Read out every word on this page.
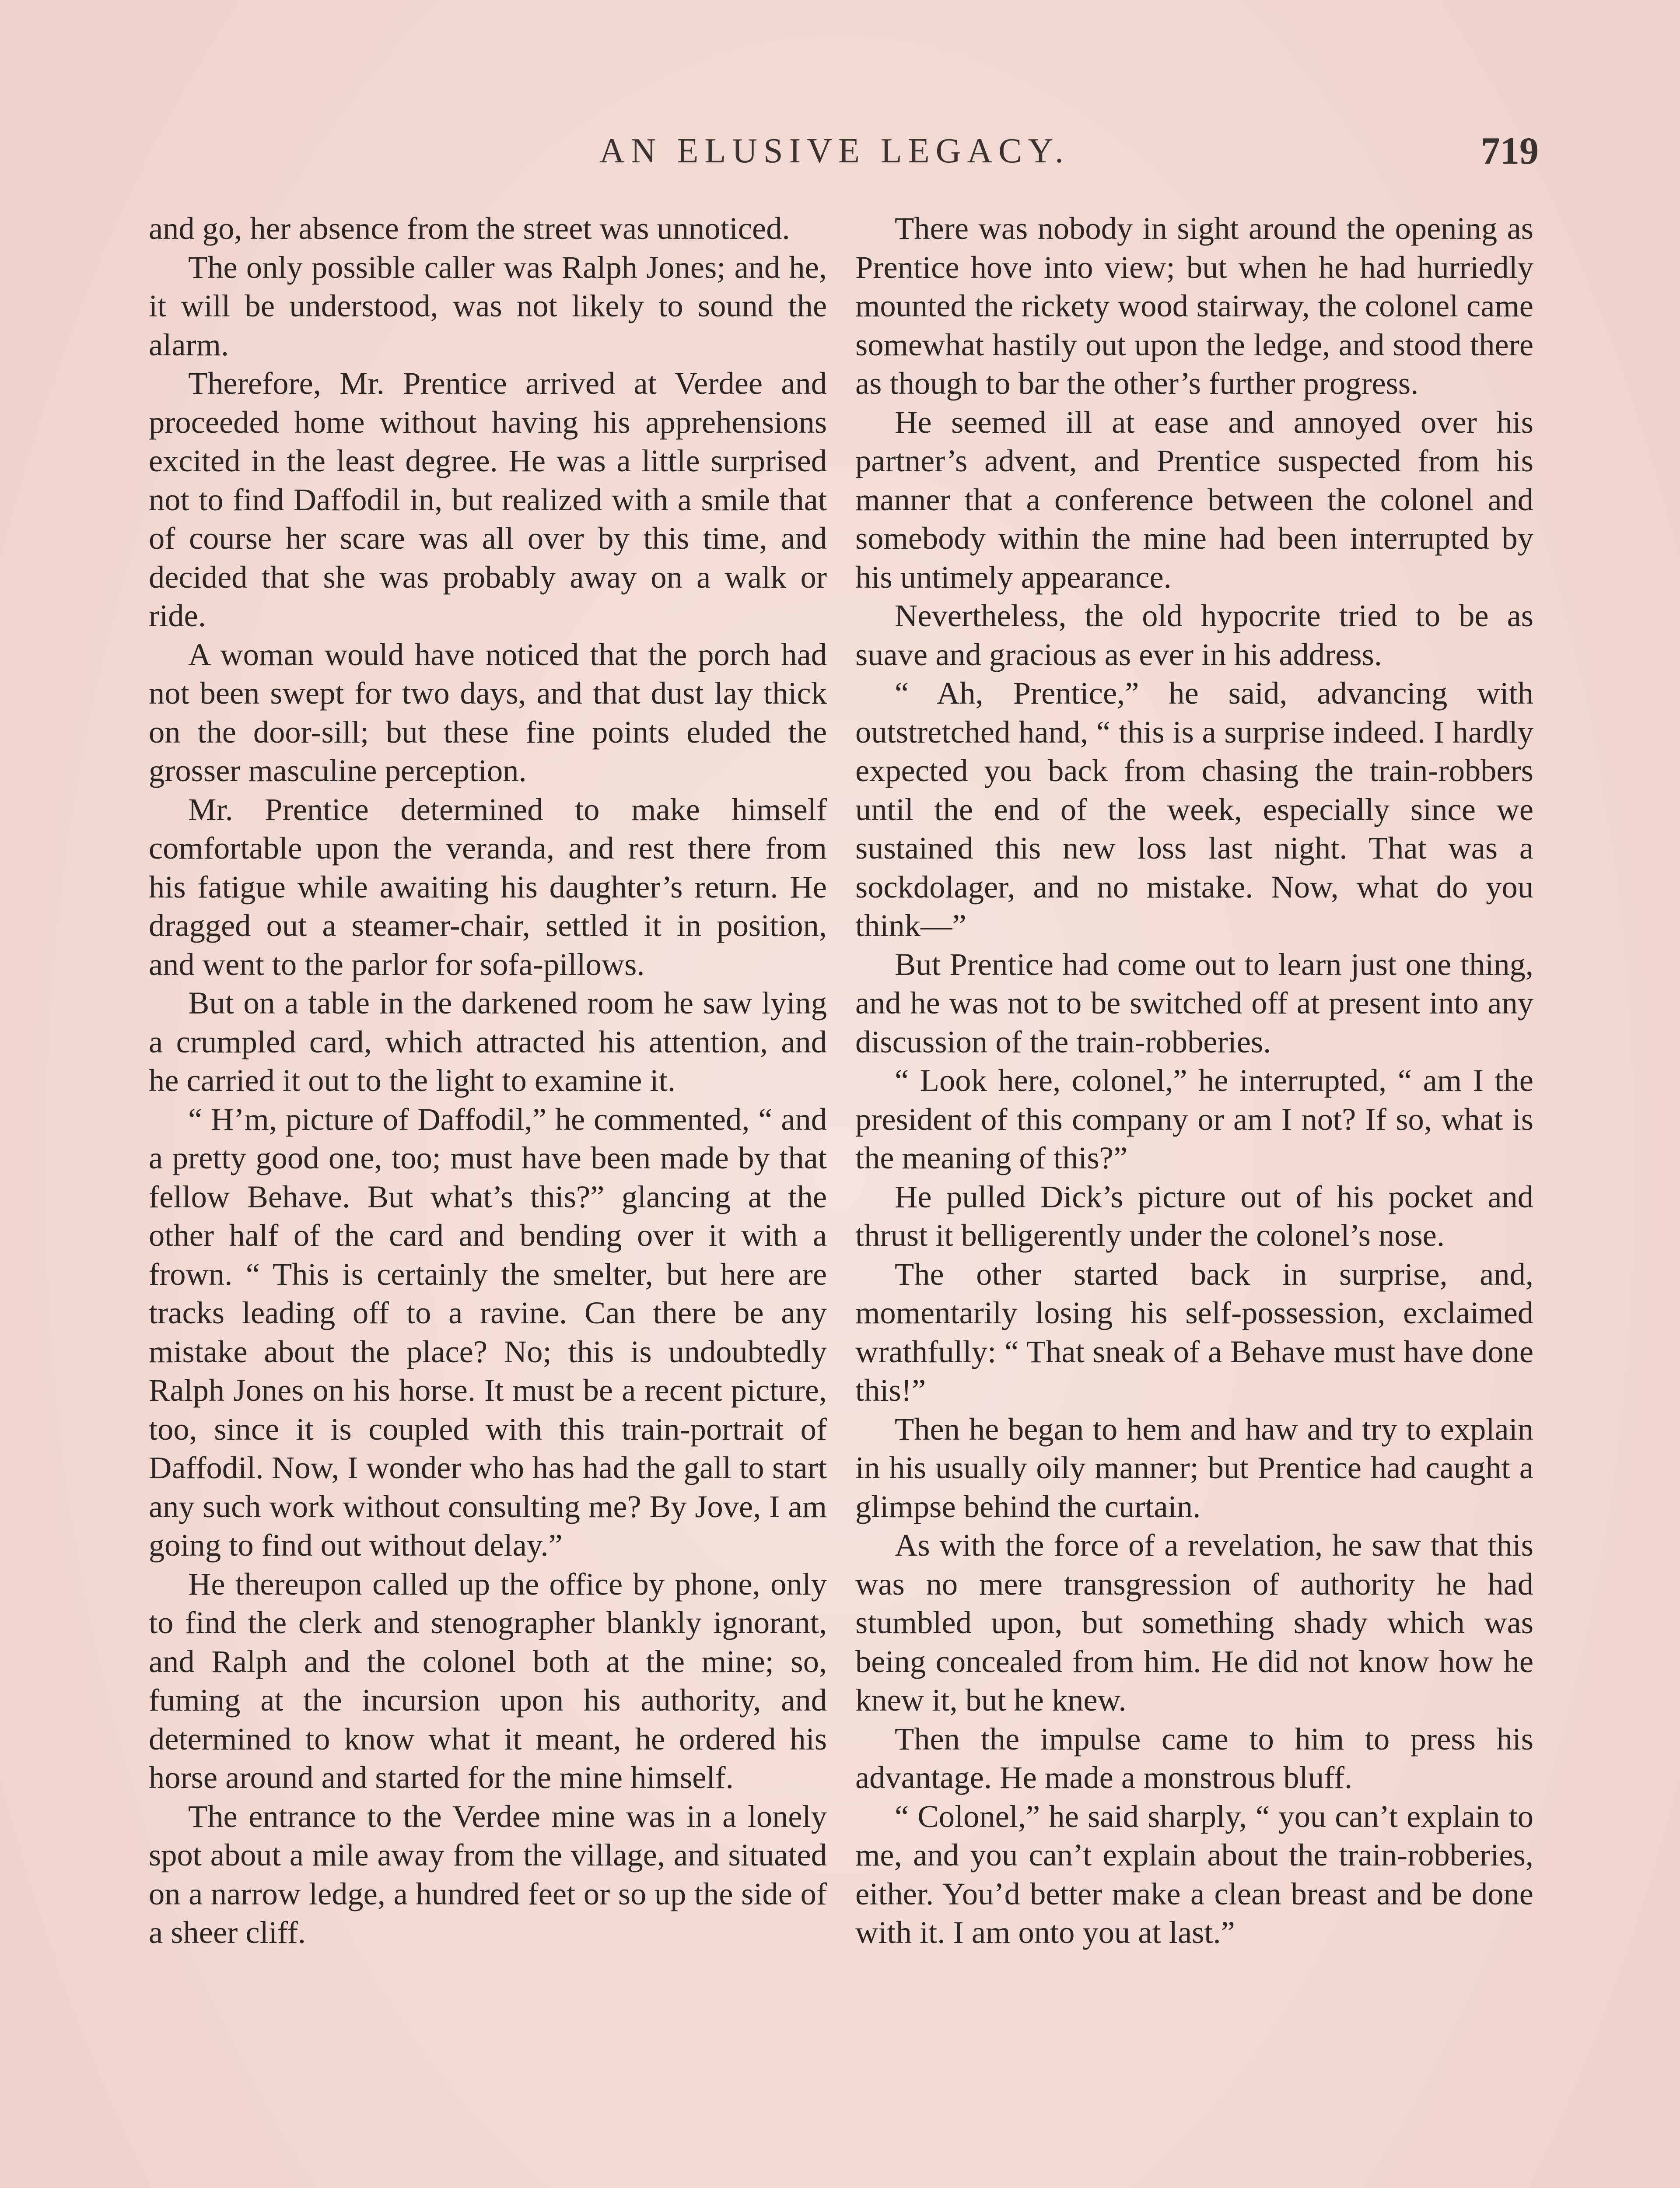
AN ELUSIVE LEGACY.	719

and go, her absence from the street was unnoticed.

The only possible caller was Ralph Jones; and he, it will be understood, was not likely to sound the alarm.

Therefore, Mr. Prentice arrived at Verdee and proceeded home without having his apprehensions excited in the least degree. He was a little surprised not to find Daffodil in, but realized with a smile that of course her scare was all over by this time, and decided that she was probably away on a walk or ride.

A woman would have noticed that the porch had not been swept for two days, and that dust lay thick on the door-sill; but these fine points eluded the grosser masculine perception.

Mr. Prentice determined to make himself comfortable upon the veranda, and rest there from his fatigue while awaiting his daughter’s return. He dragged out a steamer-chair, settled it in position, and went to the parlor for sofa-pillows.

But on a table in the darkened room he saw lying a crumpled card, which attracted his attention, and he carried it out to the light to examine it.

“ H’m, picture of Daffodil,” he commented, “ and a pretty good one, too; must have been made by that fellow Behave. But what’s this?” glancing at the other half of the card and bending over it with a frown. “ This is certainly the smelter, but here are tracks leading off to a ravine. Can there be any mistake about the place? No; this is undoubtedly Ralph Jones on his horse. It must be a recent picture, too, since it is coupled with this train-portrait of Daffodil. Now, I wonder who has had the gall to start any such work without consulting me? By Jove, I am going to find out without delay.”

He thereupon called up the office by phone, only to find the clerk and stenographer blankly ignorant, and Ralph and the colonel both at the mine; so, fuming at the incursion upon his authority, and determined to know what it meant, he ordered his horse around and started for the mine himself.

The entrance to the Verdee mine was in a lonely spot about a mile away from the village, and situated on a narrow ledge, a hundred feet or so up the side of a sheer cliff.

There was nobody in sight around the opening as Prentice hove into view; but when he had hurriedly mounted the rickety wood stairway, the colonel came somewhat hastily out upon the ledge, and stood there as though to bar the other’s further progress.

He seemed ill at ease and annoyed over his partner’s advent, and Prentice suspected from his manner that a conference between the colonel and somebody within the mine had been interrupted by his untimely appearance.

Nevertheless, the old hypocrite tried to be as suave and gracious as ever in his address.

“ Ah, Prentice,” he said, advancing with outstretched hand, “ this is a surprise indeed. I hardly expected you back from chasing the train-robbers until the end of the week, especially since we sustained this new loss last night. That was a sockdolager, and no mistake. Now, what do you think—”

But Prentice had come out to learn just one thing, and he was not to be switched off at present into any discussion of the train-robberies.

“ Look here, colonel,” he interrupted, “ am I the president of this company or am I not? If so, what is the meaning of this?”

He pulled Dick’s picture out of his pocket and thrust it belligerently under the colonel’s nose.

The other started back in surprise, and, momentarily losing his self-possession, exclaimed wrathfully: “ That sneak of a Behave must have done this!”

Then he began to hem and haw and try to explain in his usually oily manner; but Prentice had caught a glimpse behind the curtain.

As with the force of a revelation, he saw that this was no mere transgression of authority he had stumbled upon, but something shady which was being concealed from him. He did not know how he knew it, but he knew.

Then the impulse came to him to press his advantage. He made a monstrous bluff.

“ Colonel,” he said sharply, “ you can’t explain to me, and you can’t explain about the train-robberies, either. You’d better make a clean breast and be done with it. I am onto you at last.”
